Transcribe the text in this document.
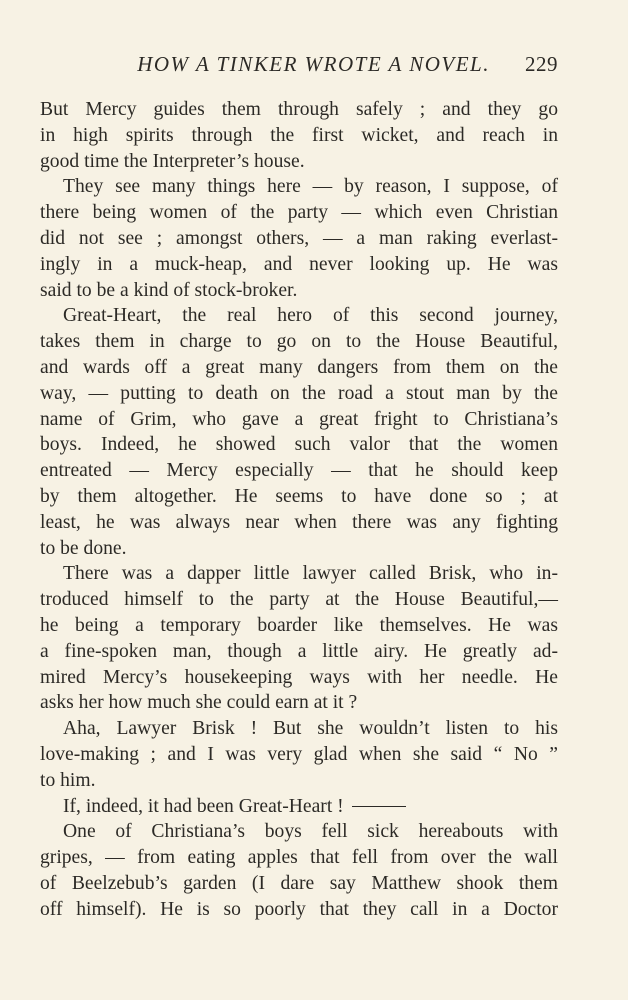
HOW A TINKER WROTE A NOVEL. 229
But Mercy guides them through safely ; and they go
in high spirits through the first wicket, and reach in
good time the Interpreter’s house.
They see many things here — by reason, I suppose, of
there being women of the party — which even Christian
did not see ; amongst others, — a man raking everlast-
ingly in a muck-heap, and never looking up. He was
said to be a kind of stock-broker.
Great-Heart, the real hero of this second journey,
takes them in charge to go on to the House Beautiful,
and wards off a great many dangers from them on the
way, — putting to death on the road a stout man by the
name of Grim, who gave a great fright to Christiana’s
boys. Indeed, he showed such valor that the women
entreated — Mercy especially — that he should keep
by them altogether. He seems to have done so ; at
least, he was always near when there was any fighting
to be done.
There was a dapper little lawyer called Brisk, who in-
troduced himself to the party at the House Beautiful,—
he being a temporary boarder like themselves. He was
a fine-spoken man, though a little airy. He greatly ad-
mired Mercy’s housekeeping ways with her needle. He
asks her how much she could earn at it ?
Aha, Lawyer Brisk ! But she wouldn’t listen to his
love-making ; and I was very glad when she said “ No ”
to him.
If, indeed, it had been Great-Heart !
One of Christiana’s boys fell sick hereabouts with
gripes, — from eating apples that fell from over the wall
of Beelzebub’s garden (I dare say Matthew shook them
off himself). He is so poorly that they call in a Doctor
